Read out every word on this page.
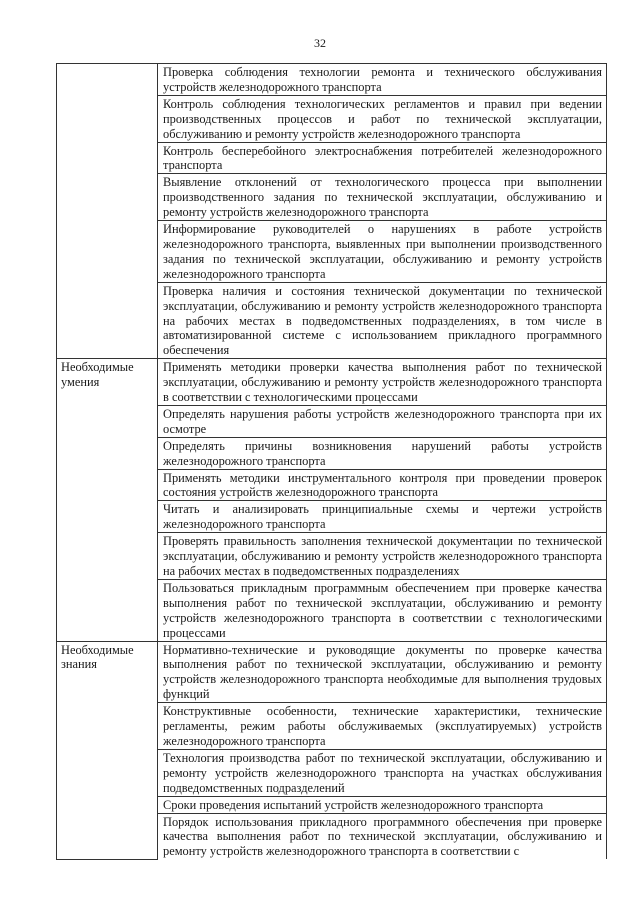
32
	Проверка соблюдения технологии ремонта и технического обслуживания устройств железнодорожного транспорта
	Контроль соблюдения технологических регламентов и правил при ведении производственных процессов и работ по технической эксплуатации, обслуживанию и ремонту устройств железнодорожного транспорта
	Контроль бесперебойного электроснабжения потребителей железнодорожного транспорта
	Выявление отклонений от технологического процесса при выполнении производственного задания по технической эксплуатации, обслуживанию и ремонту устройств железнодорожного транспорта
	Информирование руководителей о нарушениях в работе устройств железнодорожного транспорта, выявленных при выполнении производственного задания по технической эксплуатации, обслуживанию и ремонту устройств железнодорожного транспорта
	Проверка наличия и состояния технической документации по технической эксплуатации, обслуживанию и ремонту устройств железнодорожного транспорта на рабочих местах в подведомственных подразделениях, в том числе в автоматизированной системе с использованием прикладного программного обеспечения
Необходимые умения	Применять методики проверки качества выполнения работ по технической эксплуатации, обслуживанию и ремонту устройств железнодорожного транспорта в соответствии с технологическими процессами
	Определять нарушения работы устройств железнодорожного транспорта при их осмотре
	Определять причины возникновения нарушений работы устройств железнодорожного транспорта
	Применять методики инструментального контроля при проведении проверок состояния устройств железнодорожного транспорта
	Читать и анализировать принципиальные схемы и чертежи устройств железнодорожного транспорта
	Проверять правильность заполнения технической документации по технической эксплуатации, обслуживанию и ремонту устройств железнодорожного транспорта на рабочих местах в подведомственных подразделениях
	Пользоваться прикладным программным обеспечением при проверке качества выполнения работ по технической эксплуатации, обслуживанию и ремонту устройств железнодорожного транспорта в соответствии с технологическими процессами
Необходимые знания	Нормативно-технические и руководящие документы по проверке качества выполнения работ по технической эксплуатации, обслуживанию и ремонту устройств железнодорожного транспорта необходимые для выполнения трудовых функций
	Конструктивные особенности, технические характеристики, технические регламенты, режим работы обслуживаемых (эксплуатируемых) устройств железнодорожного транспорта
	Технология производства работ по технической эксплуатации, обслуживанию и ремонту устройств железнодорожного транспорта на участках обслуживания подведомственных подразделений
	Сроки проведения испытаний устройств железнодорожного транспорта
	Порядок использования прикладного программного обеспечения при проверке качества выполнения работ по технической эксплуатации, обслуживанию и ремонту устройств железнодорожного транспорта в соответствии с
